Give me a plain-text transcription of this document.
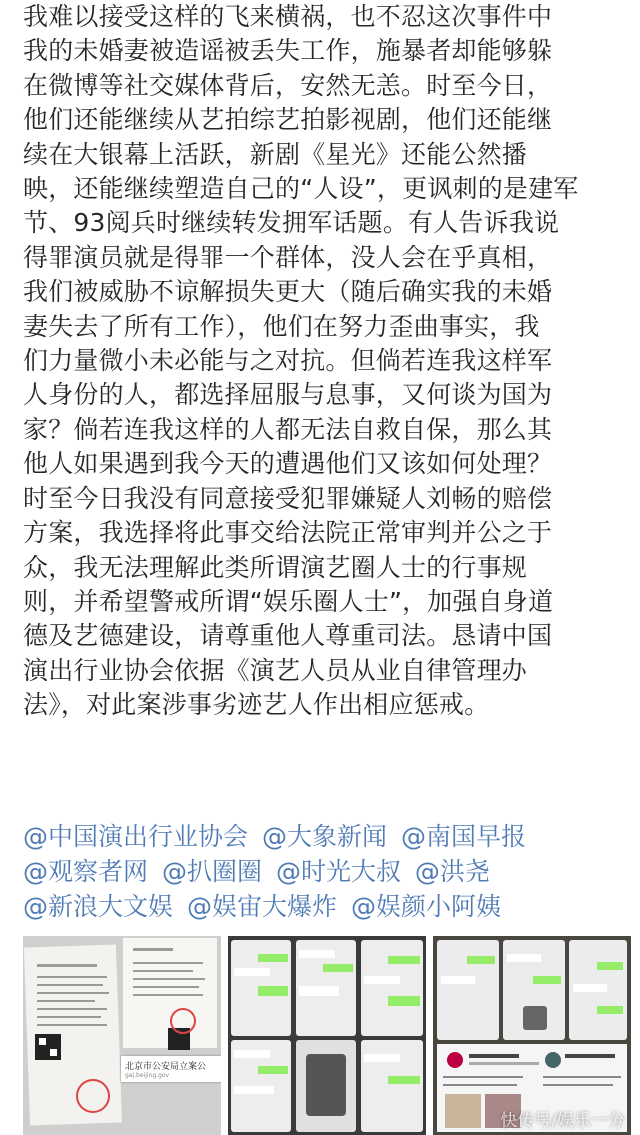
我难以接受这样的飞来横祸，也不忍这次事件中
我的未婚妻被造谣被丢失工作，施暴者却能够躲
在微博等社交媒体背后，安然无恙。时至今日，
他们还能继续从艺拍综艺拍影视剧，他们还能继
续在大银幕上活跃，新剧《星光》还能公然播
映，还能继续塑造自己的“人设”，更讽刺的是建军
节、93阅兵时继续转发拥军话题。有人告诉我说
得罪演员就是得罪一个群体，没人会在乎真相，
我们被威胁不谅解损失更大（随后确实我的未婚
妻失去了所有工作），他们在努力歪曲事实，我
们力量微小未必能与之对抗。但倘若连我这样军
人身份的人，都选择屈服与息事，又何谈为国为
家？倘若连我这样的人都无法自救自保，那么其
他人如果遇到我今天的遭遇他们又该如何处理？
时至今日我没有同意接受犯罪嫌疑人刘畅的赔偿
方案，我选择将此事交给法院正常审判并公之于
众，我无法理解此类所谓演艺圈人士的行事规
则，并希望警戒所谓“娱乐圈人士”，加强自身道
德及艺德建设，请尊重他人尊重司法。恳请中国
演出行业协会依据《演艺人员从业自律管理办
法》，对此案涉事劣迹艺人作出相应惩戒。
@中国演出行业协会 @大象新闻 @南国早报 @观察者网 @扒圈圈 @时光大叔 @洪尧 @新浪大文娱 @娱宙大爆炸 @娱颜小阿姨
北京市公安局立案公
gaj.beijing.gov
快传号/娱乐一分
